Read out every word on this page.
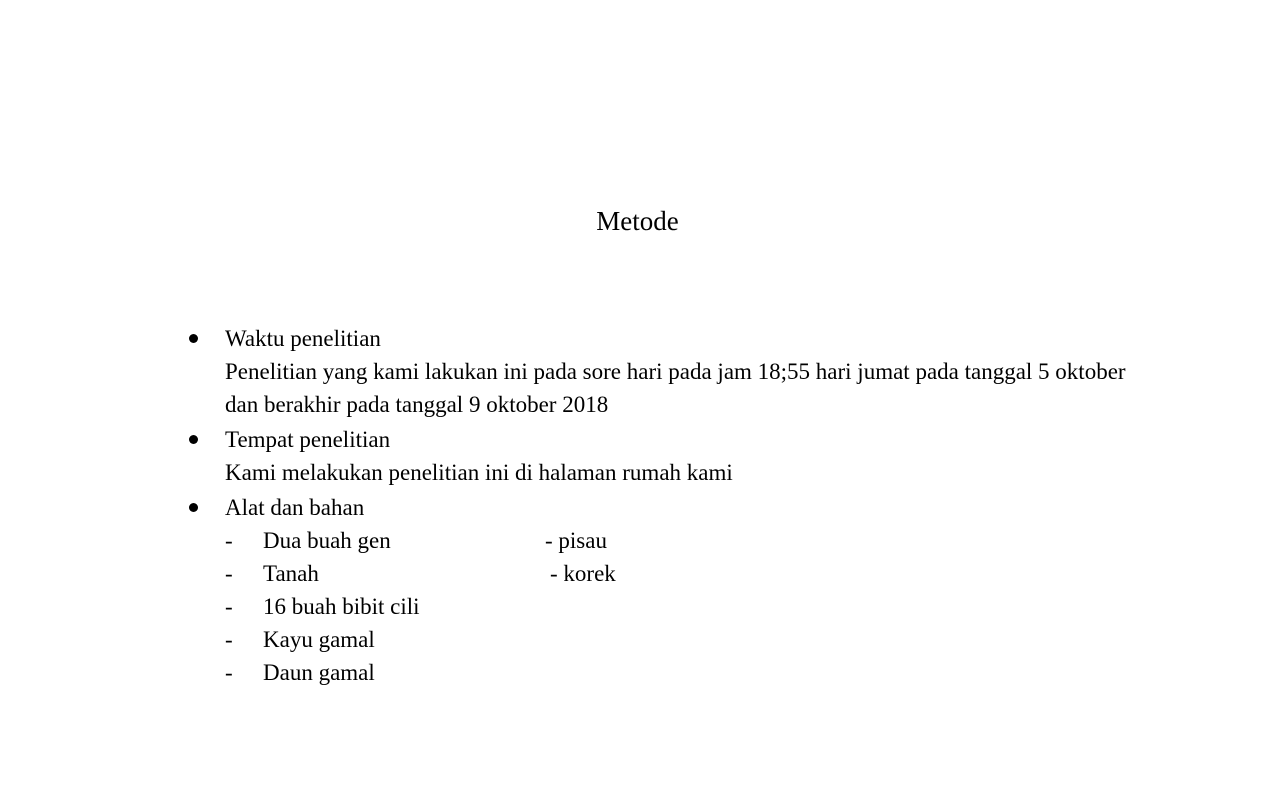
Metode
Waktu penelitian
Penelitian yang kami lakukan ini pada sore hari pada jam 18;55 hari jumat pada tanggal 5 oktober dan berakhir pada tanggal 9 oktober 2018
Tempat penelitian
Kami melakukan penelitian ini di halaman rumah kami
Alat dan bahan
- Dua buah gen	- pisau
- Tanah	- korek
- 16 buah bibit cili
- Kayu gamal
- Daun gamal
